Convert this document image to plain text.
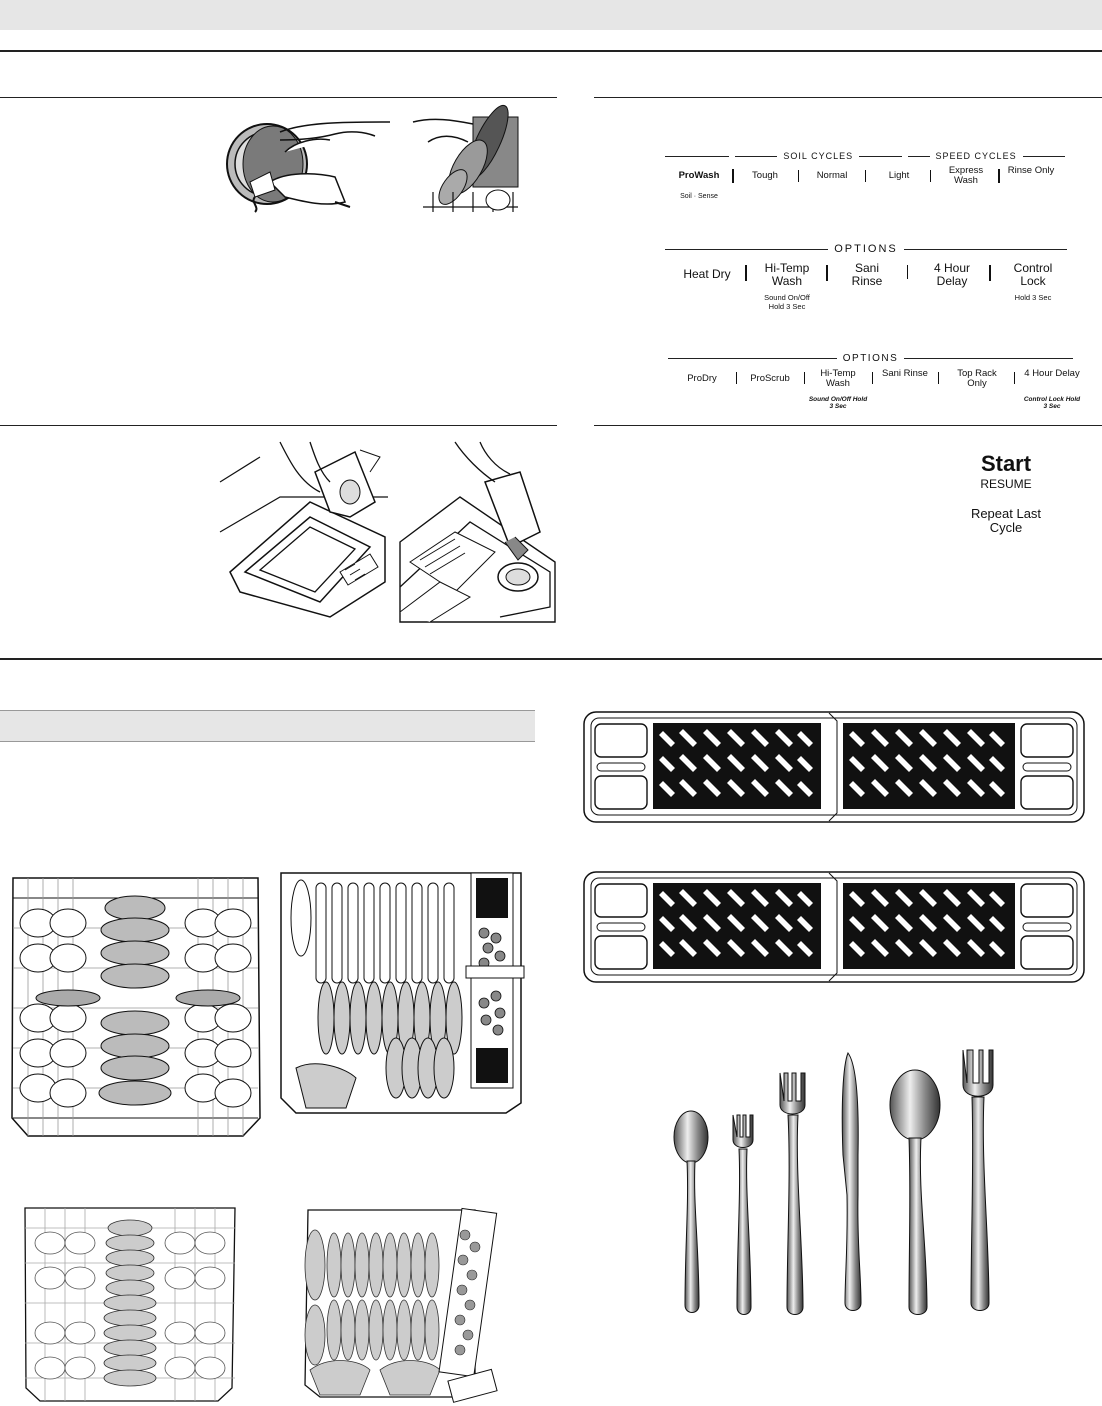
SOIL CYCLES	SPEED CYCLES
ProWash	Tough	Normal	Light	Express Wash
Rinse Only
Soil · Sense
OPTIONS
Heat Dry	Hi-Temp Wash
Sani Rinse
4 Hour Delay
Control Lock
Sound On/Off Hold 3 Sec
Hold 3 Sec
OPTIONS
ProDry	ProScrub	Hi-Temp Wash
Sani Rinse	Top Rack Only
4 Hour Delay
Sound On/Off Hold 3 Sec
Control Lock Hold 3 Sec
Start
RESUME
Repeat Last
Cycle
